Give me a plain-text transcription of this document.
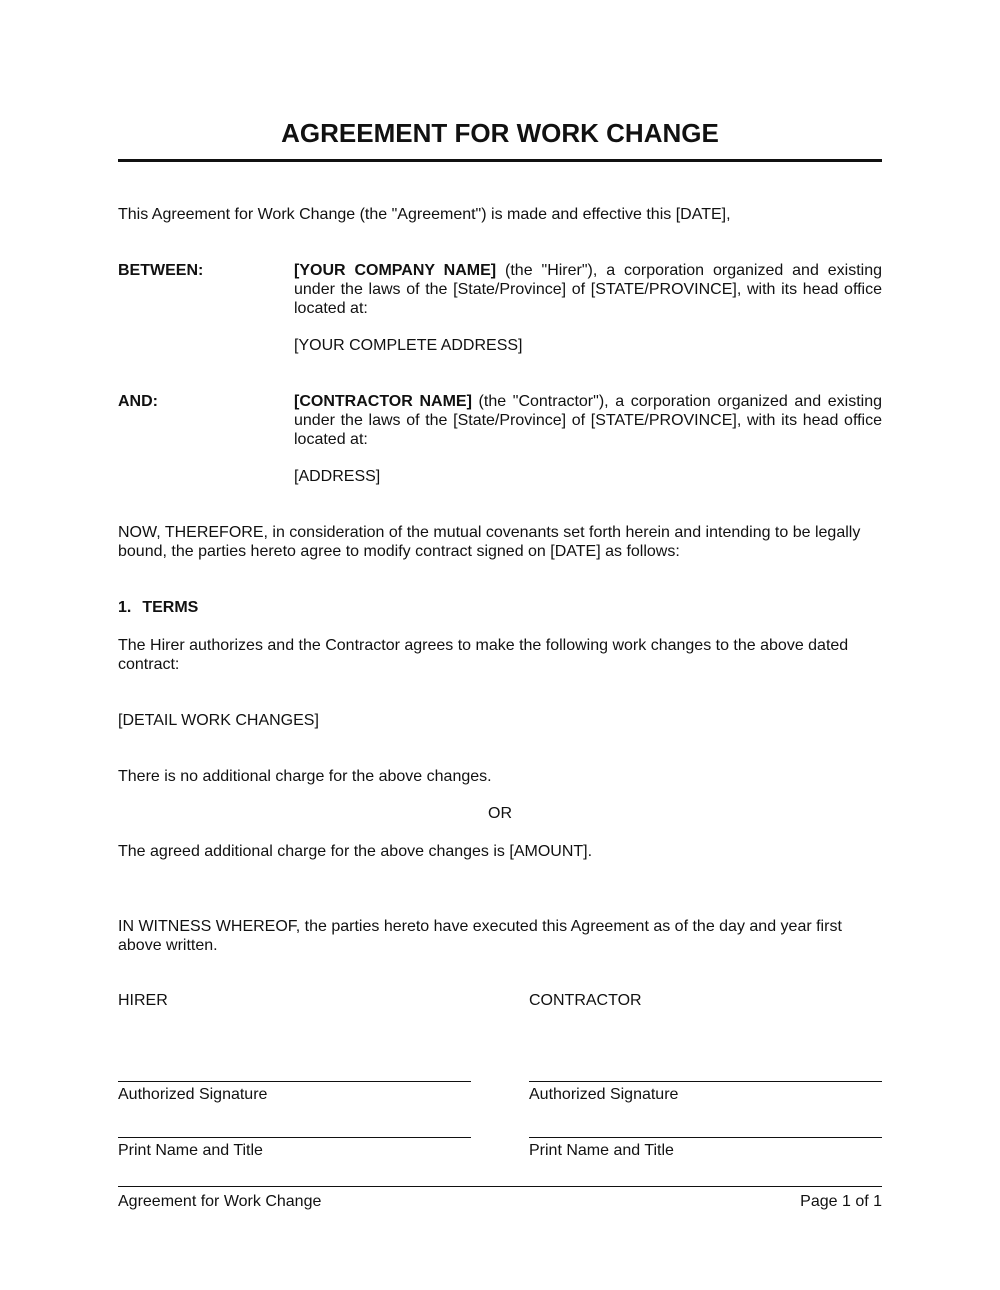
AGREEMENT FOR WORK CHANGE
This Agreement for Work Change (the "Agreement") is made and effective this [DATE],
BETWEEN:	[YOUR COMPANY NAME] (the "Hirer"), a corporation organized and existing under the laws of the [State/Province] of [STATE/PROVINCE], with its head office located at:
[YOUR COMPLETE ADDRESS]
AND:	[CONTRACTOR NAME] (the "Contractor"), a corporation organized and existing under the laws of the [State/Province] of [STATE/PROVINCE], with its head office located at:
[ADDRESS]
NOW, THEREFORE, in consideration of the mutual covenants set forth herein and intending to be legally bound, the parties hereto agree to modify contract signed on [DATE] as follows:
1. TERMS
The Hirer authorizes and the Contractor agrees to make the following work changes to the above dated contract:
[DETAIL WORK CHANGES]
There is no additional charge for the above changes.
OR
The agreed additional charge for the above changes is [AMOUNT].
IN WITNESS WHEREOF, the parties hereto have executed this Agreement as of the day and year first above written.
HIRER	CONTRACTOR
Authorized Signature	Authorized Signature
Print Name and Title	Print Name and Title
Agreement for Work Change	Page 1 of 1
